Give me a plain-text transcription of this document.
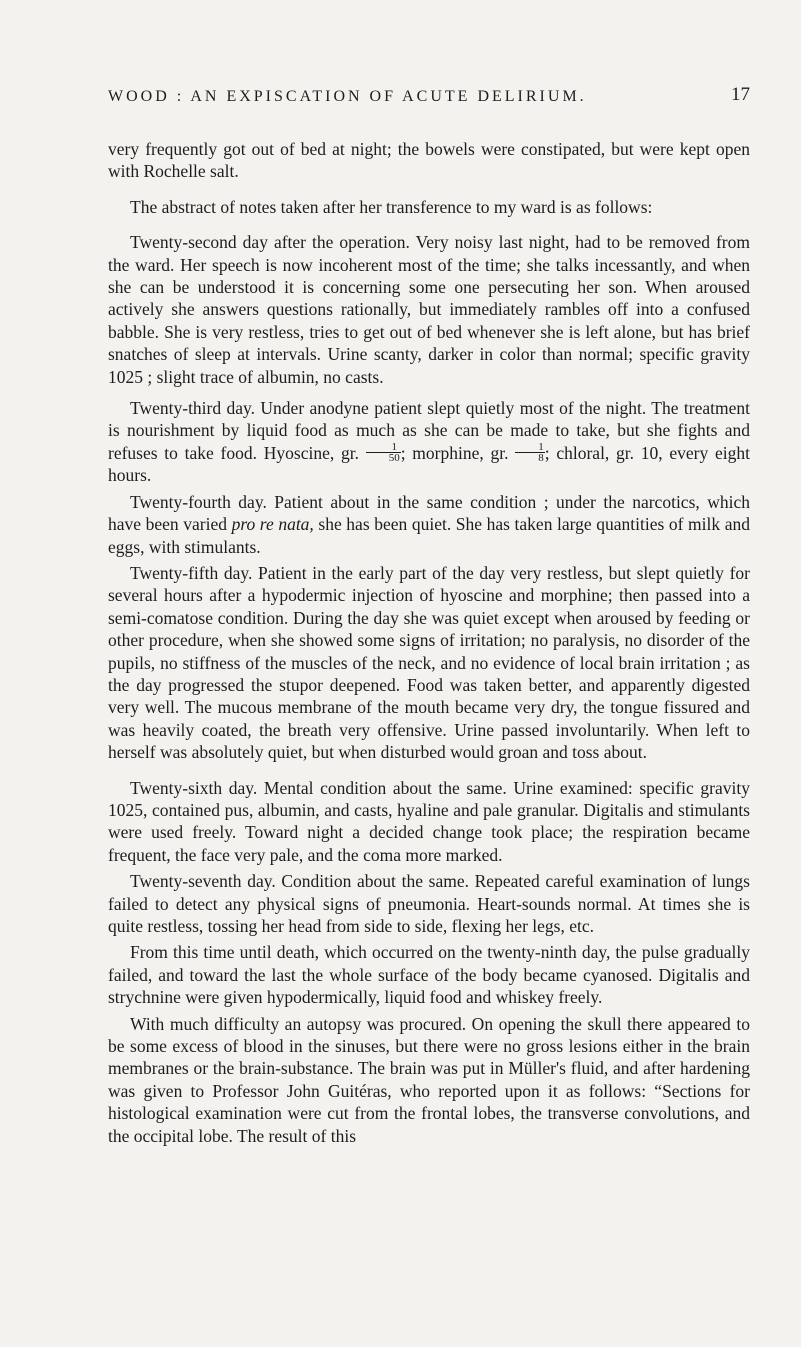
WOOD : AN EXPISCATION OF ACUTE DELIRIUM.	17

very frequently got out of bed at night; the bowels were constipated, but were kept open with Rochelle salt.

The abstract of notes taken after her transference to my ward is as follows:

Twenty-second day after the operation. Very noisy last night, had to be removed from the ward. Her speech is now incoherent most of the time; she talks incessantly, and when she can be understood it is concerning some one persecuting her son. When aroused actively she answers questions rationally, but immediately rambles off into a confused babble. She is very restless, tries to get out of bed whenever she is left alone, but has brief snatches of sleep at intervals. Urine scanty, darker in color than normal; specific gravity 1025 ; slight trace of albumin, no casts.

Twenty-third day. Under anodyne patient slept quietly most of the night. The treatment is nourishment by liquid food as much as she can be made to take, but she fights and refuses to take food. Hyoscine, gr. $\frac{1}{50}$ ; morphine, gr. $\frac{1}{8}$ ; chloral, gr. 10, every eight hours.

Twenty-fourth day. Patient about in the same condition ; under the narcotics, which have been varied pro re nata, she has been quiet. She has taken large quantities of milk and eggs, with stimulants.

Twenty-fifth day. Patient in the early part of the day very restless, but slept quietly for several hours after a hypodermic injection of hyoscine and morphine; then passed into a semi-comatose condition. During the day she was quiet except when aroused by feeding or other procedure, when she showed some signs of irritation; no paralysis, no disorder of the pupils, no stiffness of the muscles of the neck, and no evidence of local brain irritation ; as the day progressed the stupor deepened. Food was taken better, and apparently digested very well. The mucous membrane of the mouth became very dry, the tongue fissured and was heavily coated, the breath very offensive. Urine passed involuntarily. When left to herself was absolutely quiet, but when disturbed would groan and toss about.

Twenty-sixth day. Mental condition about the same. Urine examined: specific gravity 1025, contained pus, albumin, and casts, hyaline and pale granular. Digitalis and stimulants were used freely. Toward night a decided change took place; the respiration became frequent, the face very pale, and the coma more marked.

Twenty-seventh day. Condition about the same. Repeated careful examination of lungs failed to detect any physical signs of pneumonia. Heart-sounds normal. At times she is quite restless, tossing her head from side to side, flexing her legs, etc.

From this time until death, which occurred on the twenty-ninth day, the pulse gradually failed, and toward the last the whole surface of the body became cyanosed. Digitalis and strychnine were given hypodermically, liquid food and whiskey freely.

With much difficulty an autopsy was procured. On opening the skull there appeared to be some excess of blood in the sinuses, but there were no gross lesions either in the brain membranes or the brain-substance. The brain was put in Müller's fluid, and after hardening was given to Professor John Guitéras, who reported upon it as follows: “Sections for histological examination were cut from the frontal lobes, the transverse convolutions, and the occipital lobe. The result of this
